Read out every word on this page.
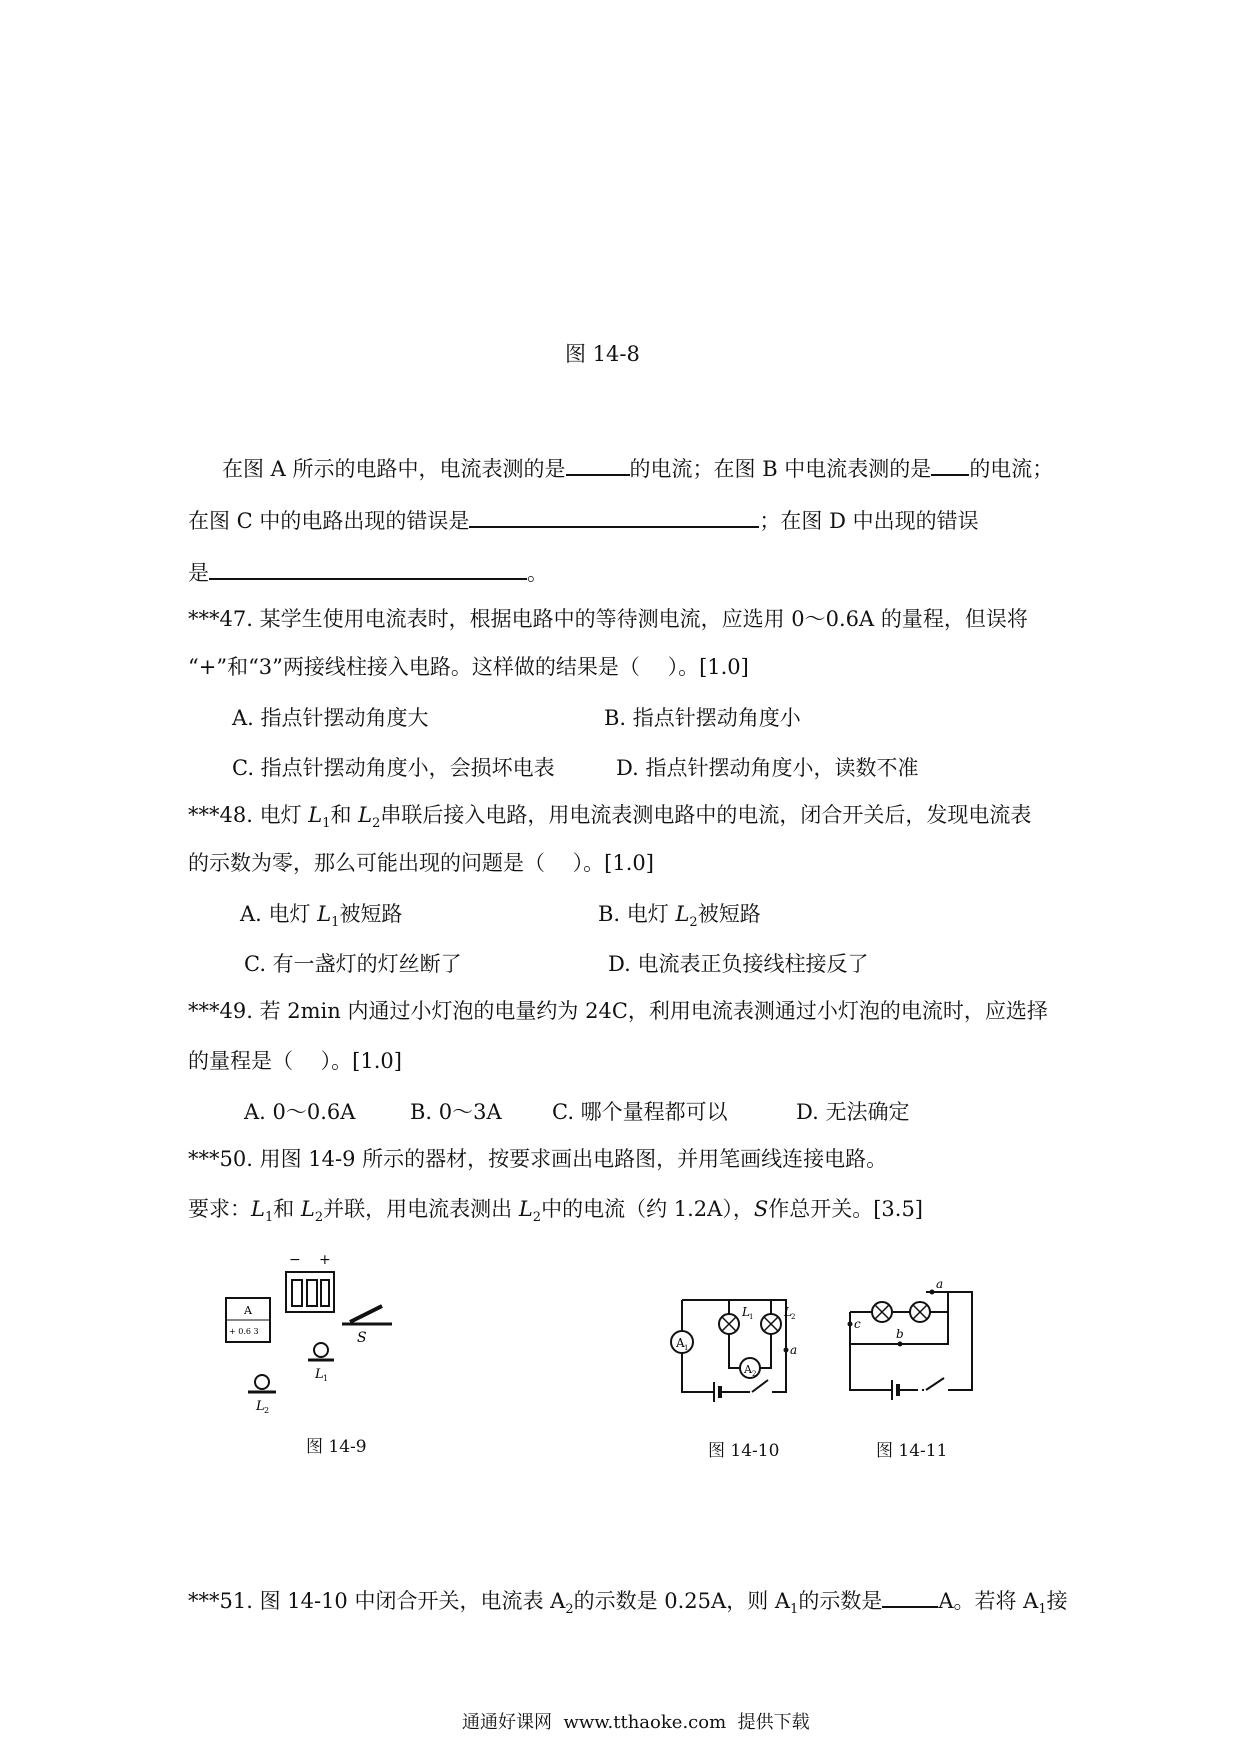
图 14-8
在图 A 所示的电路中，电流表测的是	的电流；在图 B 中电流表测的是 的电流；
在图 C 中的电路出现的错误是	；在图 D 中出现的错误
是	。
***47. 某学生使用电流表时，根据电路中的等待测电流，应选用 0～0.6A 的量程，但误将
“+”和“3”两接线柱接入电路。这样做的结果是（　 ）。[1.0]
A. 指点针摆动角度大	B. 指点针摆动角度小
C. 指点针摆动角度小，会损坏电表	D. 指点针摆动角度小，读数不准
***48. 电灯 $L_1$和 $L_2$串联后接入电路，用电流表测电路中的电流，闭合开关后，发现电流表
的示数为零，那么可能出现的问题是（　 ）。[1.0]
A. 电灯 $L_1$被短路	B. 电灯 $L_2$被短路
C. 有一盏灯的灯丝断了	D. 电流表正负接线柱接反了
***49. 若 2min 内通过小灯泡的电量约为 24C，利用电流表测通过小灯泡的电流时，应选择
的量程是（　 ）。[1.0]
A. 0～0.6A	B. 0～3A C. 哪个量程都可以	D. 无法确定
***50. 用图 14-9 所示的器材，按要求画出电路图，并用笔画线连接电路。
要求：$L_1$和 $L_2$并联，用电流表测出 $L_2$中的电流（约 1.2A），S作总开关。[3.5]
A
+ 0.6 3
− +
S
L 1
L 2
图 14-9
A 1
L 1	L 2
A 2
a
图 14-10
b
a
c
图 14-11
***51. 图 14-10 中闭合开关，电流表 $A_2$的示数是 0.25A，则 $A_1$的示数是	A。若将 $A_1$接
通通好课网  www.tthaoke.com  提供下载
